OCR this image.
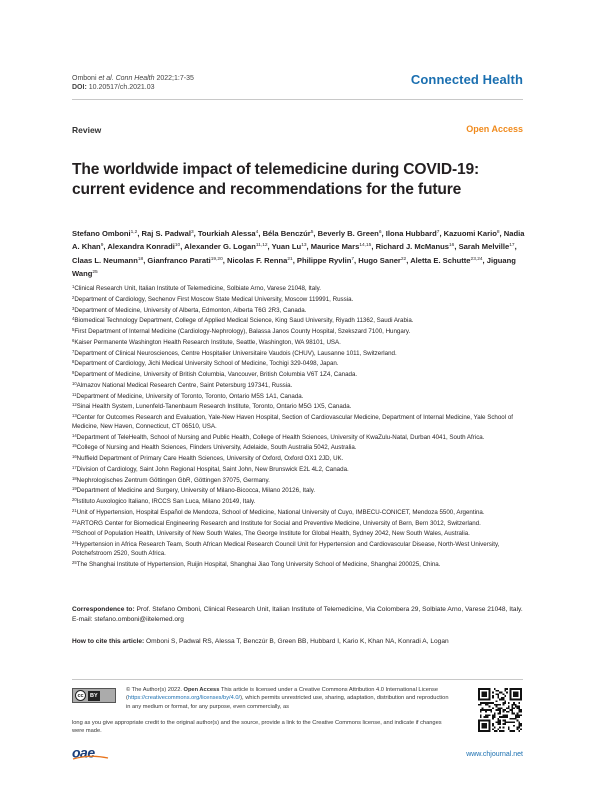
Omboni et al. Conn Health 2022;1:7-35
DOI: 10.20517/ch.2021.03
Connected Health
Review	Open Access
The worldwide impact of telemedicine during COVID-19: current evidence and recommendations for the future
Stefano Omboni$^{1,2}$, Raj S. Padwal$^3$, Tourkiah Alessa$^4$, Béla Benczúr$^5$, Beverly B. Green$^6$, Ilona Hubbard$^7$, Kazuomi Kario$^8$, Nadia A. Khan$^9$, Alexandra Konradi$^{10}$, Alexander G. Logan$^{11,12}$, Yuan Lu$^{13}$, Maurice Mars$^{14,15}$, Richard J. McManus$^{16}$, Sarah Melville$^{17}$, Claas L. Neumann$^{18}$, Gianfranco Parati$^{19,20}$, Nicolas F. Renna$^{21}$, Philippe Ryvlin$^7$, Hugo Saner$^{22}$, Aletta E. Schutte$^{23,24}$, Jiguang Wang$^{25}$
$^1$Clinical Research Unit, Italian Institute of Telemedicine, Solbiate Arno, Varese 21048, Italy.
$^2$Department of Cardiology, Sechenov First Moscow State Medical University, Moscow 119991, Russia.
$^3$Department of Medicine, University of Alberta, Edmonton, Alberta T6G 2R3, Canada.
$^4$Biomedical Technology Department, College of Applied Medical Science, King Saud University, Riyadh 11362, Saudi Arabia.
$^5$First Department of Internal Medicine (Cardiology-Nephrology), Balassa Janos County Hospital, Szekszard 7100, Hungary.
$^6$Kaiser Permanente Washington Health Research Institute, Seattle, Washington, WA 98101, USA.
$^7$Department of Clinical Neurosciences, Centre Hospitalier Universitaire Vaudois (CHUV), Lausanne 1011, Switzerland.
$^8$Department of Cardiology, Jichi Medical University School of Medicine, Tochigi 329-0498, Japan.
$^9$Department of Medicine, University of British Columbia, Vancouver, British Columbia V6T 1Z4, Canada.
$^{10}$Almazov National Medical Research Centre, Saint Petersburg 197341, Russia.
$^{11}$Department of Medicine, University of Toronto, Toronto, Ontario M5S 1A1, Canada.
$^{12}$Sinai Health System, Lunenfeld-Tanenbaum Research Institute, Toronto, Ontario M5G 1X5, Canada.
$^{13}$Center for Outcomes Research and Evaluation, Yale-New Haven Hospital, Section of Cardiovascular Medicine, Department of Internal Medicine, Yale School of Medicine, New Haven, Connecticut, CT 06510, USA.
$^{14}$Department of TeleHealth, School of Nursing and Public Health, College of Health Sciences, University of KwaZulu-Natal, Durban 4041, South Africa.
$^{15}$College of Nursing and Health Sciences, Flinders University, Adelaide, South Australia 5042, Australia.
$^{16}$Nuffield Department of Primary Care Health Sciences, University of Oxford, Oxford OX1 2JD, UK.
$^{17}$Division of Cardiology, Saint John Regional Hospital, Saint John, New Brunswick E2L 4L2, Canada.
$^{18}$Nephrologisches Zentrum Göttingen GbR, Göttingen 37075, Germany.
$^{19}$Department of Medicine and Surgery, University of Milano-Bicocca, Milano 20126, Italy.
$^{20}$Istituto Auxologico Italiano, IRCCS San Luca, Milano 20149, Italy.
$^{21}$Unit of Hypertension, Hospital Español de Mendoza, School of Medicine, National University of Cuyo, IMBECU-CONICET, Mendoza 5500, Argentina.
$^{22}$ARTORG Center for Biomedical Engineering Research and Institute for Social and Preventive Medicine, University of Bern, Bern 3012, Switzerland.
$^{23}$School of Population Health, University of New South Wales, The George Institute for Global Health, Sydney 2042, New South Wales, Australia.
$^{24}$Hypertension in Africa Research Team, South African Medical Research Council Unit for Hypertension and Cardiovascular Disease, North-West University, Potchefstroom 2520, South Africa.
$^{25}$The Shanghai Institute of Hypertension, Ruijin Hospital, Shanghai Jiao Tong University School of Medicine, Shanghai 200025, China.
Correspondence to: Prof. Stefano Omboni, Clinical Research Unit, Italian Institute of Telemedicine, Via Colombera 29, Solbiate Arno, Varese 21048, Italy. E-mail: stefano.omboni@iitelemed.org
How to cite this article: Omboni S, Padwal RS, Alessa T, Benczúr B, Green BB, Hubbard I, Kario K, Khan NA, Konradi A, Logan
cc	BY
© The Author(s) 2022. Open Access This article is licensed under a Creative Commons Attribution 4.0 International License (https://creativecommons.org/licenses/by/4.0/), which permits unrestricted use, sharing, adaptation, distribution and reproduction in any medium or format, for any purpose, even commercially, as
long as you give appropriate credit to the original author(s) and the source, provide a link to the Creative Commons license, and indicate if changes were made.
oae	www.chjournal.net
